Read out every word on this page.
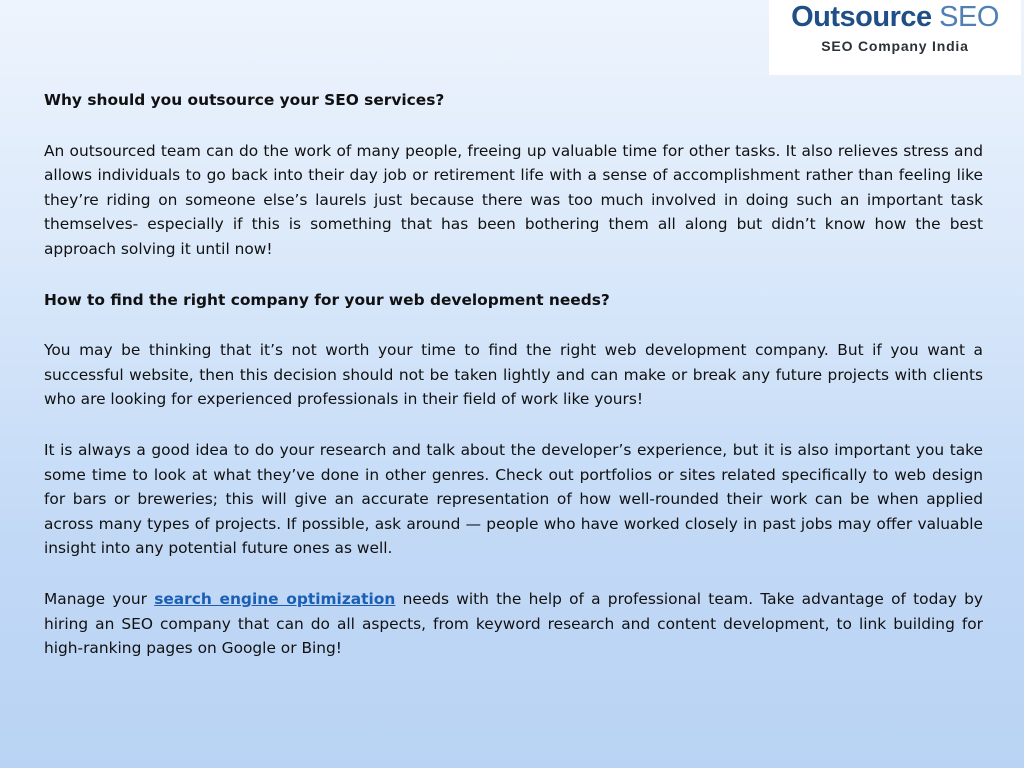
Outsource SEO
SEO Company India
Why should you outsource your SEO services?

An outsourced team can do the work of many people, freeing up valuable time for other tasks. It also relieves stress and allows individuals to go back into their day job or retirement life with a sense of accomplishment rather than feeling like they’re riding on someone else’s laurels just because there was too much involved in doing such an important task themselves- especially if this is something that has been bothering them all along but didn’t know how the best approach solving it until now!

How to find the right company for your web development needs?

You may be thinking that it’s not worth your time to find the right web development company. But if you want a successful website, then this decision should not be taken lightly and can make or break any future projects with clients who are looking for experienced professionals in their field of work like yours!

It is always a good idea to do your research and talk about the developer’s experience, but it is also important you take some time to look at what they’ve done in other genres. Check out portfolios or sites related specifically to web design for bars or breweries; this will give an accurate representation of how well-rounded their work can be when applied across many types of projects. If possible, ask around — people who have worked closely in past jobs may offer valuable insight into any potential future ones as well.

Manage your search engine optimization needs with the help of a professional team. Take advantage of today by hiring an SEO company that can do all aspects, from keyword research and content development, to link building for high-ranking pages on Google or Bing!
